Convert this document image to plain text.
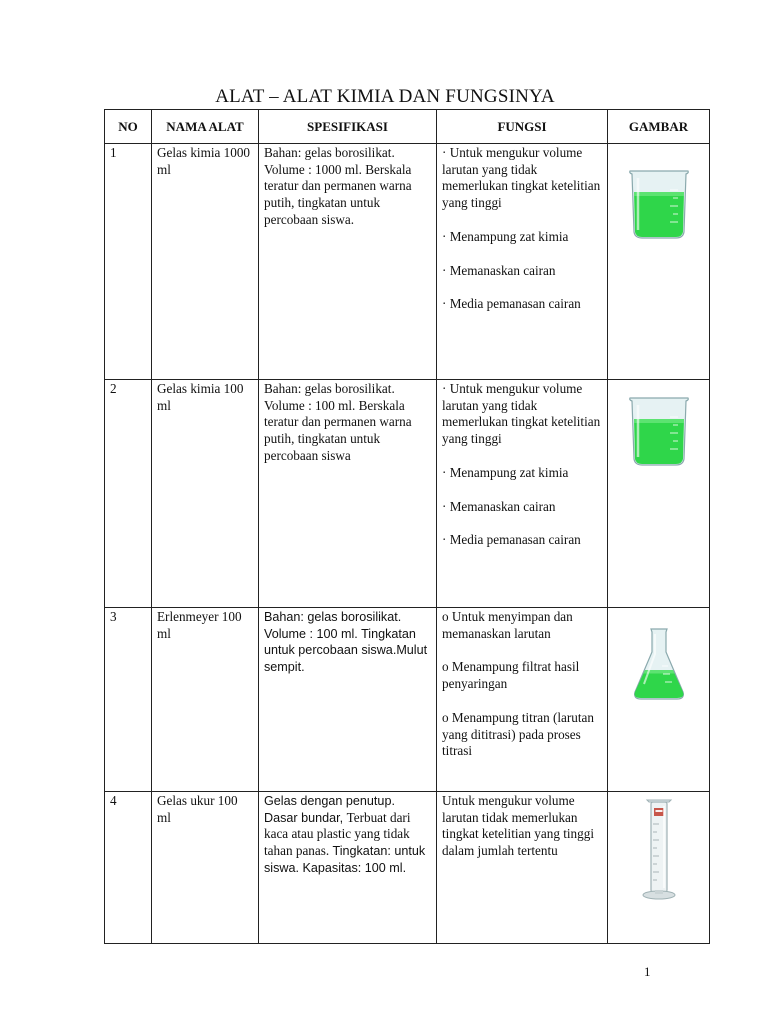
ALAT – ALAT KIMIA DAN FUNGSINYA
NO	NAMA ALAT	SPESIFIKASI	FUNGSI	GAMBAR
1	Gelas kimia 1000 ml	Bahan: gelas borosilikat. Volume : 1000 ml. Berskala teratur dan permanen warna putih, tingkatan untuk percobaan siswa.	· Untuk mengukur volume larutan yang tidak memerlukan tingkat ketelitian yang tinggi

· Menampung zat kimia

· Memanaskan cairan

· Media pemanasan cairan

2	Gelas kimia 100 ml	Bahan: gelas borosilikat. Volume : 100 ml. Berskala teratur dan permanen warna putih, tingkatan untuk percobaan siswa	· Untuk mengukur volume larutan yang tidak memerlukan tingkat ketelitian yang tinggi

· Menampung zat kimia

· Memanaskan cairan

· Media pemanasan cairan

3	Erlenmeyer 100 ml	Bahan: gelas borosilikat. Volume : 100 ml. Tingkatan untuk percobaan siswa.Mulut sempit.	o Untuk menyimpan dan memanaskan larutan

o Menampung filtrat hasil penyaringan

o Menampung titran (larutan yang dititrasi) pada proses titrasi

4	Gelas ukur 100 ml	Gelas dengan penutup. Dasar bundar, Terbuat dari kaca atau plastic yang tidak tahan panas. Tingkatan: untuk siswa. Kapasitas: 100 ml.	Untuk mengukur volume larutan tidak memerlukan tingkat ketelitian yang tinggi dalam jumlah tertentu

1
